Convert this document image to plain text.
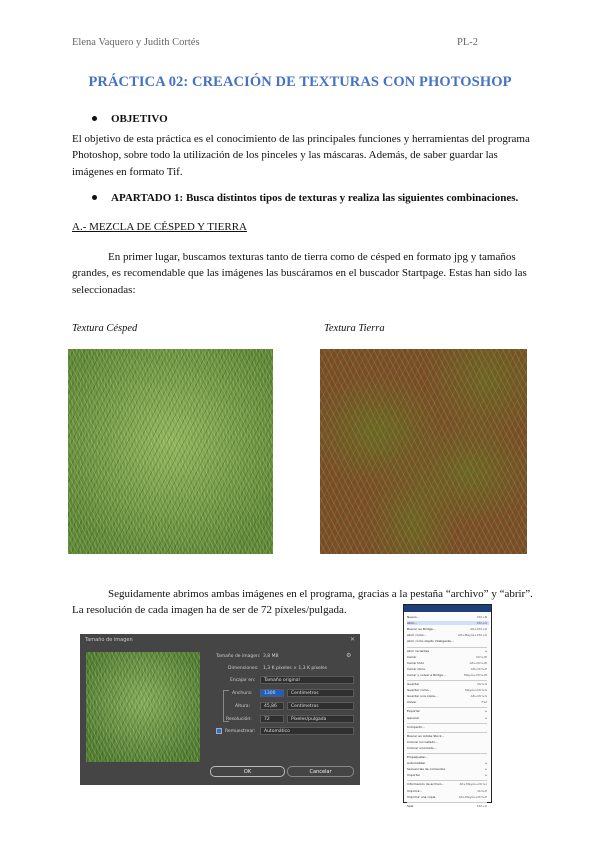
Elena Vaquero y Judith Cortés	PL-2
PRÁCTICA 02: CREACIÓN DE TEXTURAS CON PHOTOSHOP
OBJETIVO
El objetivo de esta práctica es el conocimiento de las principales funciones y herramientas del programa
Photoshop, sobre todo la utilización de los pinceles y las máscaras. Además, de saber guardar las
imágenes en formato Tif.
APARTADO 1: Busca distintos tipos de texturas y realiza las siguientes combinaciones.
A.- MEZCLA DE CÉSPED Y TIERRA
En primer lugar, buscamos texturas tanto de tierra como de césped en formato jpg y tamaños
grandes, es recomendable que las imágenes las buscáramos en el buscador Startpage. Estas han sido las
seleccionadas:
Textura Césped	Textura Tierra
Seguidamente abrimos ambas imágenes en el programa, gracias a la pestaña “archivo” y “abrir”.
La resolución de cada imagen ha de ser de 72 píxeles/pulgada.
Tamaño de imagen	✕
Tamaño de imagen: 3,8 MB	⚙
Dimensiones: 1,3 K píxeles × 1,3 K píxeles
Encajar en:	Tamaño original
Anchura:	1300	Centímetros
Altura:	45,86	Centímetros
Resolución:	72	Píxeles/pulgada
Remuestrear:	Automático
OK	Cancelar
Nuevo...	Ctrl+N
Abrir...	Ctrl+O
Buscar en Bridge...	Alt+Ctrl+O
Abrir como...	Alt+Mayús+Ctrl+O
Abrir como objeto inteligente...
Abrir recientes	▸
Cerrar	Ctrl+W
Cerrar todo	Alt+Ctrl+W
Cerrar otros	Alt+Ctrl+P
Cerrar y volver a Bridge...	Mayús+Ctrl+W
Guardar	Ctrl+S
Guardar como...	Mayús+Ctrl+S
Guardar una copia...	Alt+Ctrl+S
Volver	F12
Exportar	▸
Generar	▸
Compartir...
Buscar en Adobe Stock...
Colocar incrustado...
Colocar vinculado...
Empaquetar...
Automatizar	▸
Secuencias de comandos	▸
Importar	▸
Información de archivo...	Alt+Mayús+Ctrl+I
Imprimir...	Ctrl+P
Imprimir una copia	Alt+Mayús+Ctrl+P
Salir	Ctrl+Q
